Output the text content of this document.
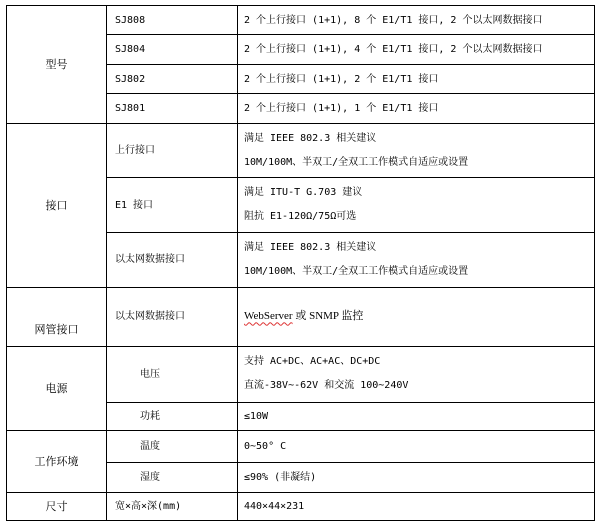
型号	SJ808	2 个上行接口 (1+1), 8 个 E1/T1 接口, 2 个以太网数据接口
	SJ804	2 个上行接口 (1+1), 4 个 E1/T1 接口, 2 个以太网数据接口
	SJ802	2 个上行接口 (1+1), 2 个 E1/T1 接口
	SJ801	2 个上行接口 (1+1), 1 个 E1/T1 接口
接口	上行接口	满足 IEEE 802.3 相关建议
10M/100M、半双工/全双工工作模式自适应或设置

	E1 接口	满足 ITU-T G.703 建议
阻抗 E1-120Ω/75Ω可选

	以太网数据接口	满足 IEEE 802.3 相关建议
10M/100M、半双工/全双工工作模式自适应或设置

网管接口	以太网数据接口	WebServer 或 SNMP 监控
电源	电压	支持 AC+DC、AC+AC、DC+DC
直流-38V~-62V 和交流 100~240V

	功耗	≤10W
工作环境	温度	0~50° C
	湿度	≤90% (非凝结)
尺寸	宽×高×深(mm)	440×44×231
